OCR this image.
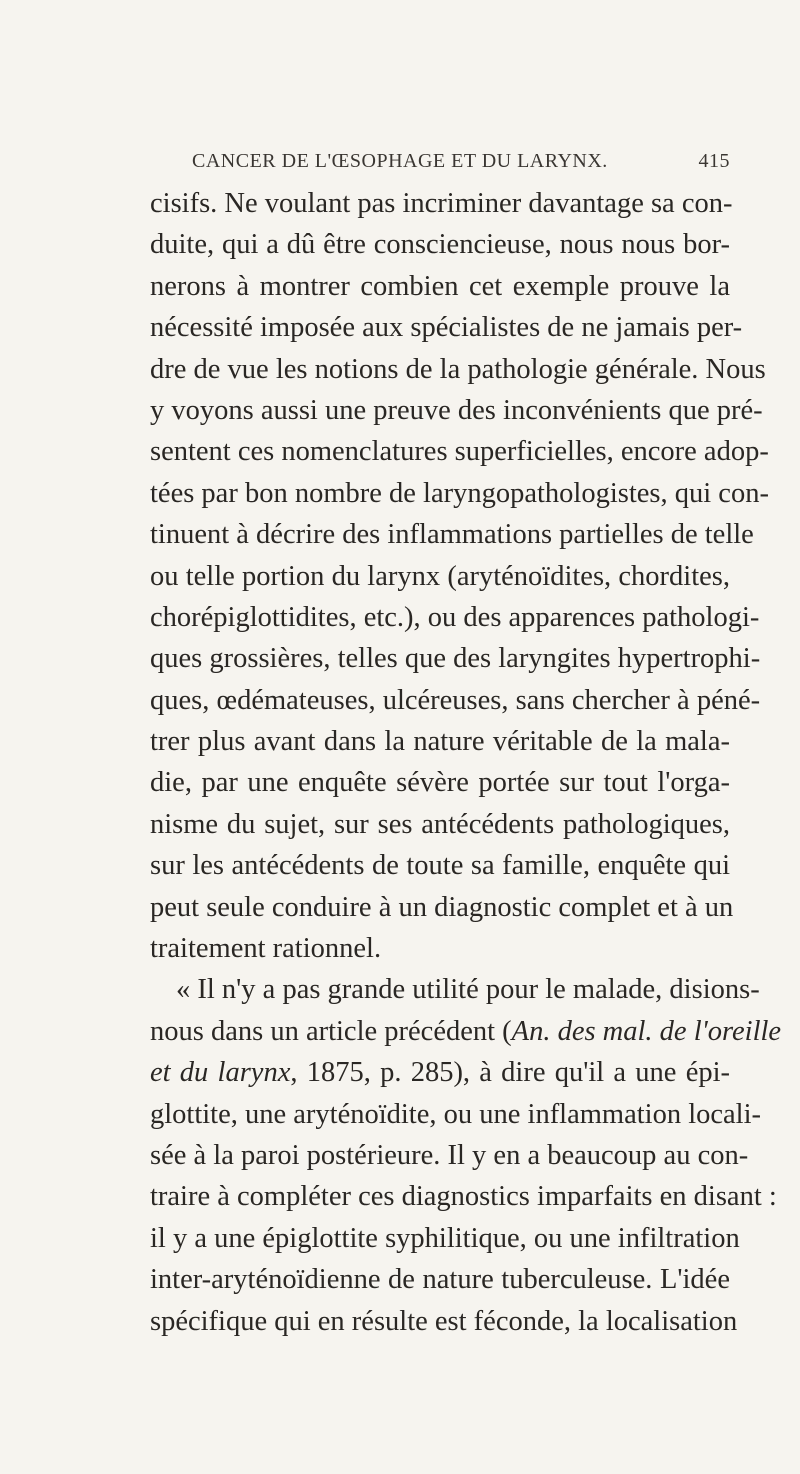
CANCER DE L'ŒSOPHAGE ET DU LARYNX.	415
cisifs. Ne voulant pas incriminer davantage sa con-
duite, qui a dû être consciencieuse, nous nous bor-
nerons à montrer combien cet exemple prouve la
nécessité imposée aux spécialistes de ne jamais per-
dre de vue les notions de la pathologie générale. Nous
y voyons aussi une preuve des inconvénients que pré-
sentent ces nomenclatures superficielles, encore adop-
tées par bon nombre de laryngopathologistes, qui con-
tinuent à décrire des inflammations partielles de telle
ou telle portion du larynx (aryténoïdites, chordites,
chorépiglottidites, etc.), ou des apparences pathologi-
ques grossières, telles que des laryngites hypertrophi-
ques, œdémateuses, ulcéreuses, sans chercher à péné-
trer plus avant dans la nature véritable de la mala-
die, par une enquête sévère portée sur tout l'orga-
nisme du sujet, sur ses antécédents pathologiques,
sur les antécédents de toute sa famille, enquête qui
peut seule conduire à un diagnostic complet et à un
traitement rationnel.
« Il n'y a pas grande utilité pour le malade, disions-
nous dans un article précédent (An. des mal. de l'oreille
et du larynx, 1875, p. 285), à dire qu'il a une épi-
glottite, une aryténoïdite, ou une inflammation locali-
sée à la paroi postérieure. Il y en a beaucoup au con-
traire à compléter ces diagnostics imparfaits en disant :
il y a une épiglottite syphilitique, ou une infiltration
inter-aryténoïdienne de nature tuberculeuse. L'idée
spécifique qui en résulte est féconde, la localisation
